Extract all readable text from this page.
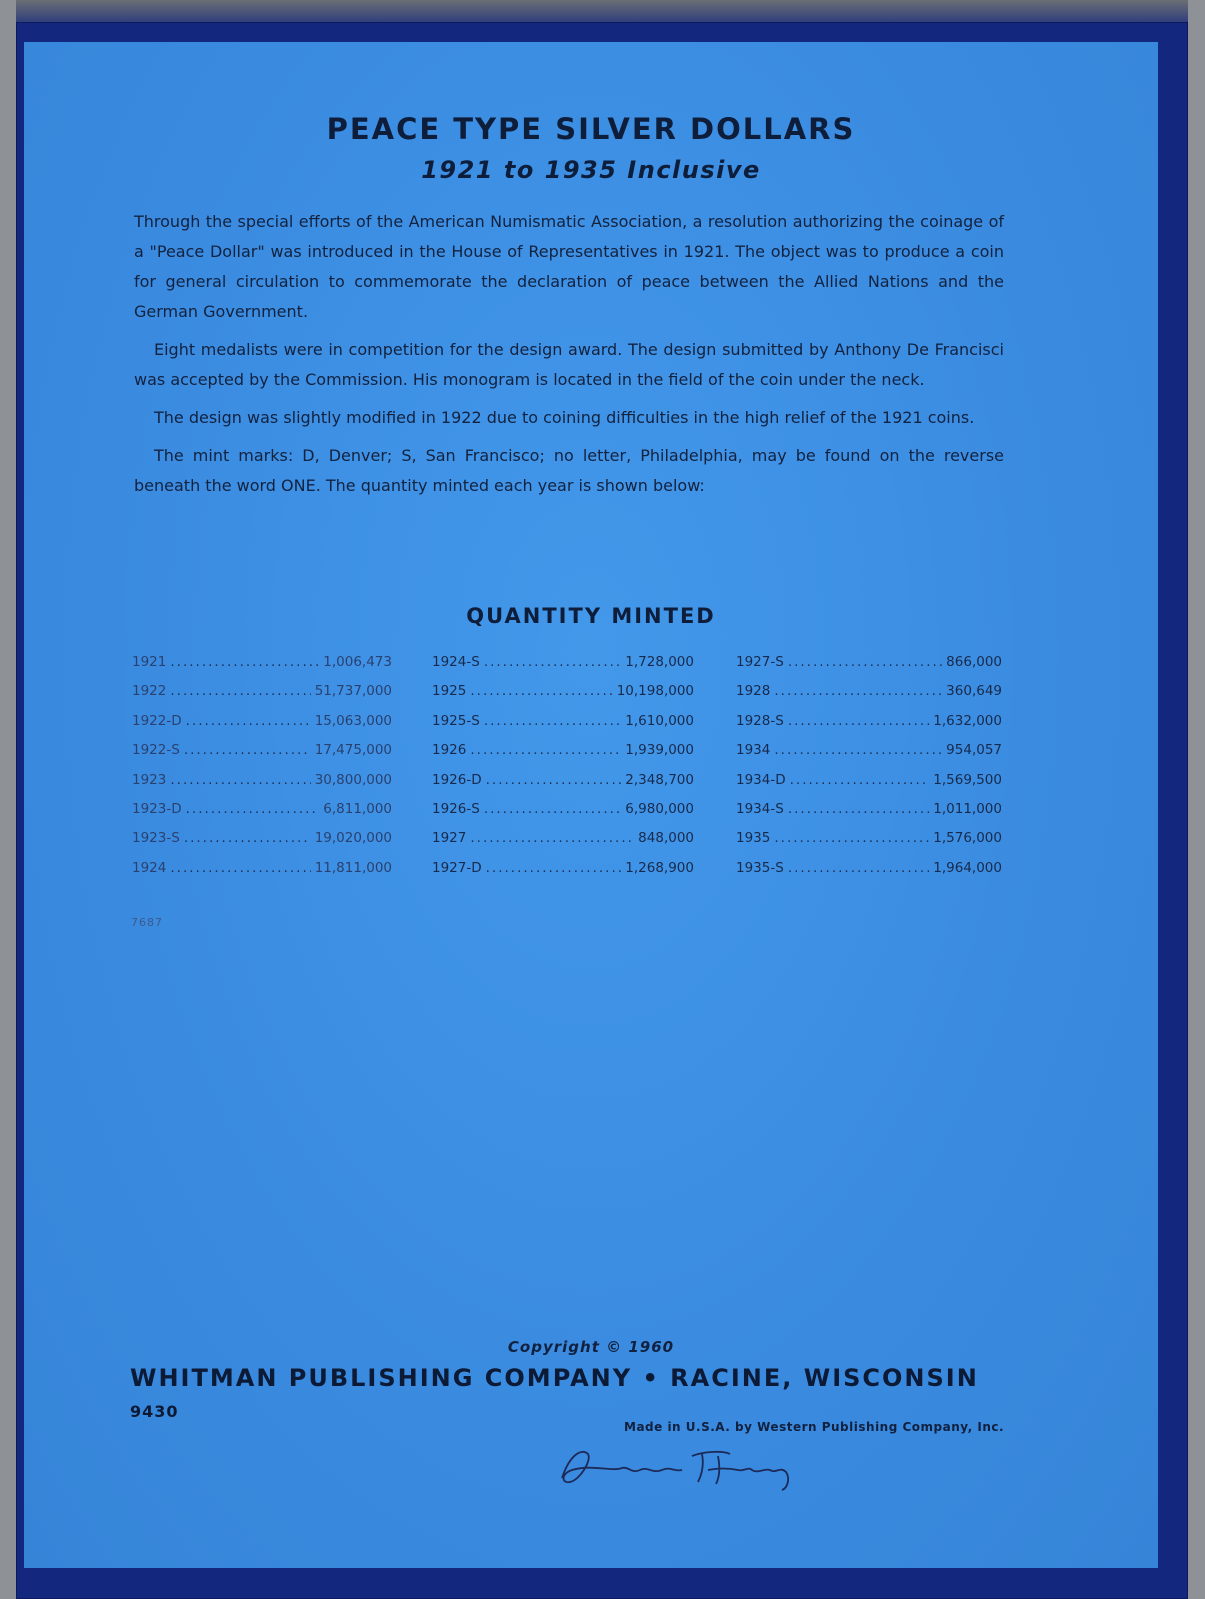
PEACE TYPE SILVER DOLLARS
1921 to 1935 Inclusive

Through the special efforts of the American Numismatic Association, a resolution authorizing the coinage of a "Peace Dollar" was introduced in the House of Representatives in 1921. The object was to produce a coin for general circulation to commemorate the declaration of peace between the Allied Nations and the German Government.

Eight medalists were in competition for the design award. The design submitted by Anthony De Francisci was accepted by the Commission. His monogram is located in the field of the coin under the neck.

The design was slightly modified in 1922 due to coining difficulties in the high relief of the 1921 coins.

The mint marks: D, Denver; S, San Francisco; no letter, Philadelphia, may be found on the reverse beneath the word ONE. The quantity minted each year is shown below:

QUANTITY MINTED
1921 .....	1,006,473
1922 .....	51,737,000
1922-D .....	15,063,000
1922-S .....	17,475,000
1923 .....	30,800,000
1923-D .....	6,811,000
1923-S .....	19,020,000
1924 .....	11,811,000
1924-S .....	1,728,000
1925 .....	10,198,000
1925-S .....	1,610,000
1926 .....	1,939,000
1926-D .....	2,348,700
1926-S .....	6,980,000
1927 .....	848,000
1927-D .....	1,268,900
1927-S .....	866,000
1928 .....	360,649
1928-S .....	1,632,000
1934 .....	954,057
1934-D .....	1,569,500
1934-S .....	1,011,000
1935 .....	1,576,000
1935-S .....	1,964,000
7687
Copyright © 1960
WHITMAN PUBLISHING COMPANY • RACINE, WISCONSIN
9430
Made in U.S.A. by Western Publishing Company, Inc.
